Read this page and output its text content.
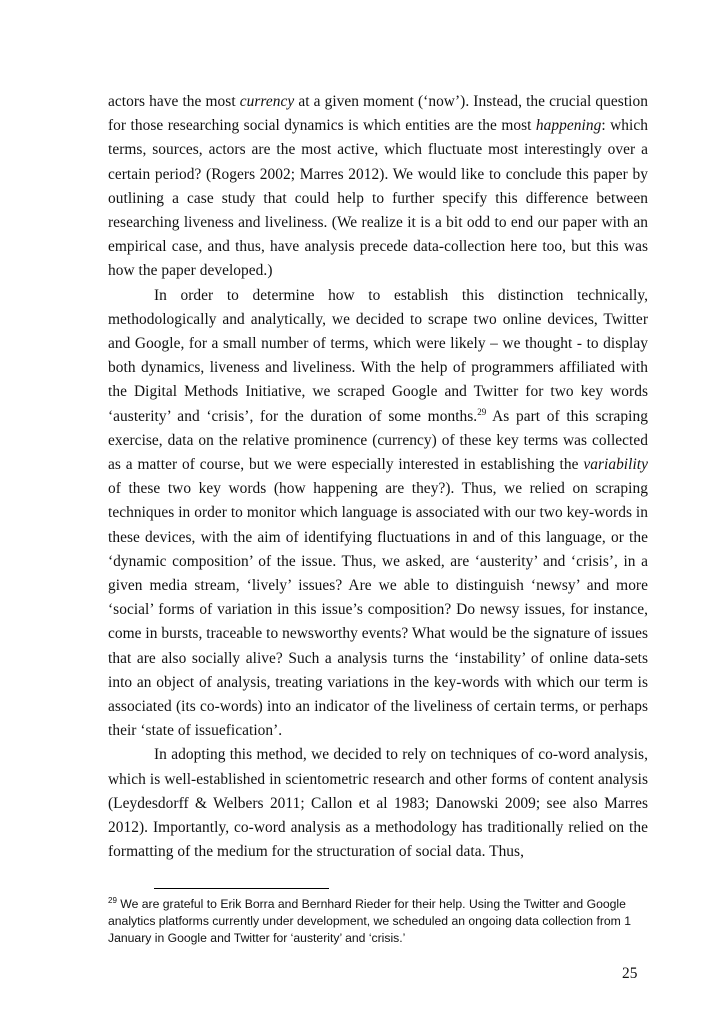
actors have the most currency at a given moment (‘now’). Instead, the crucial question for those researching social dynamics is which entities are the most happening: which terms, sources, actors are the most active, which fluctuate most interestingly over a certain period? (Rogers 2002; Marres 2012). We would like to conclude this paper by outlining a case study that could help to further specify this difference between researching liveness and liveliness. (We realize it is a bit odd to end our paper with an empirical case, and thus, have analysis precede data-collection here too, but this was how the paper developed.)

In order to determine how to establish this distinction technically, methodologically and analytically, we decided to scrape two online devices, Twitter and Google, for a small number of terms, which were likely – we thought - to display both dynamics, liveness and liveliness. With the help of programmers affiliated with the Digital Methods Initiative, we scraped Google and Twitter for two key words ‘austerity’ and ‘crisis’, for the duration of some months.$^{29}$ As part of this scraping exercise, data on the relative prominence (currency) of these key terms was collected as a matter of course, but we were especially interested in establishing the variability of these two key words (how happening are they?). Thus, we relied on scraping techniques in order to monitor which language is associated with our two key-words in these devices, with the aim of identifying fluctuations in and of this language, or the ‘dynamic composition’ of the issue. Thus, we asked, are ‘austerity’ and ‘crisis’, in a given media stream, ‘lively’ issues? Are we able to distinguish ‘newsy’ and more ‘social’ forms of variation in this issue’s composition? Do newsy issues, for instance, come in bursts, traceable to newsworthy events? What would be the signature of issues that are also socially alive? Such a analysis turns the ‘instability’ of online data-sets into an object of analysis, treating variations in the key-words with which our term is associated (its co-words) into an indicator of the liveliness of certain terms, or perhaps their ‘state of issuefication’.

In adopting this method, we decided to rely on techniques of co-word analysis, which is well-established in scientometric research and other forms of content analysis (Leydesdorff & Welbers 2011; Callon et al 1983; Danowski 2009; see also Marres 2012). Importantly, co-word analysis as a methodology has traditionally relied on the formatting of the medium for the structuration of social data. Thus,

$^{29}$ We are grateful to Erik Borra and Bernhard Rieder for their help. Using the Twitter and Google analytics platforms currently under development, we scheduled an ongoing data collection from 1 January in Google and Twitter for ‘austerity’ and ‘crisis.’
25
